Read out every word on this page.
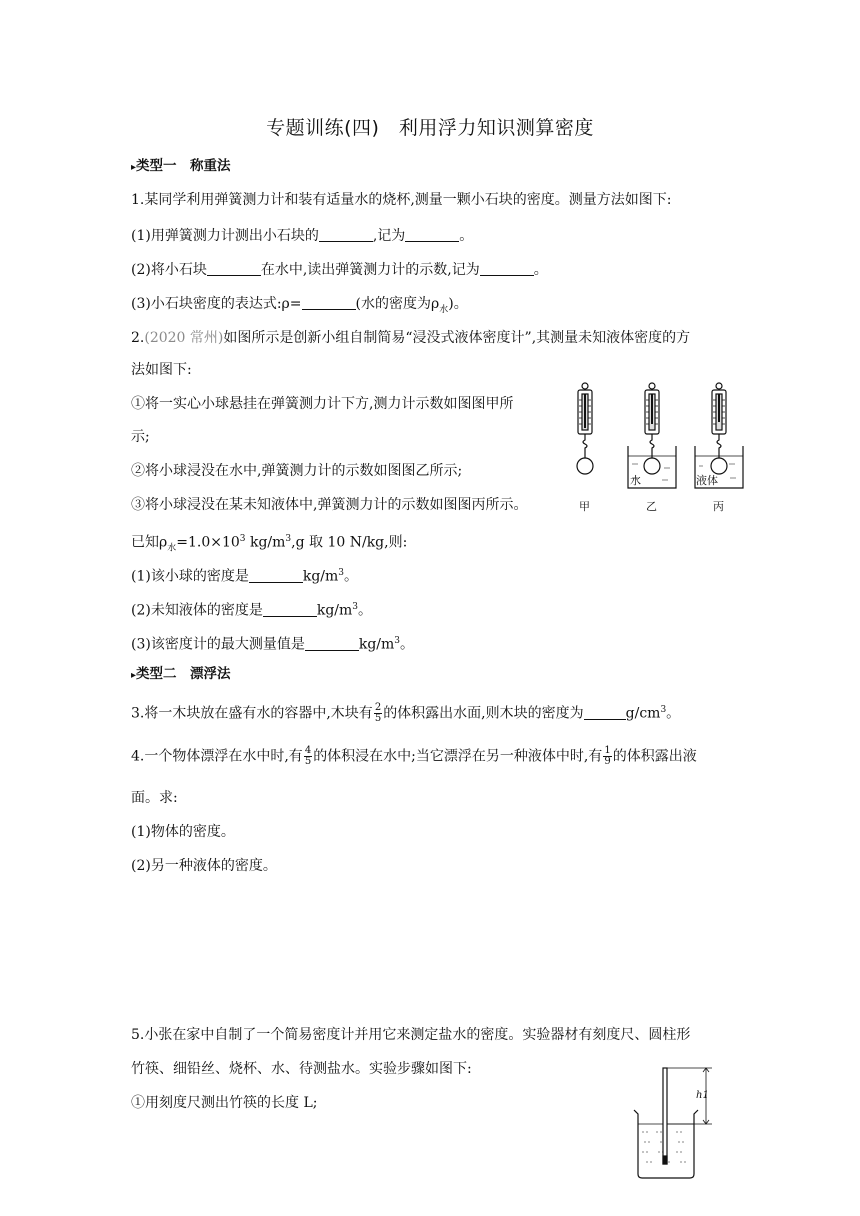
专题训练(四)　利用浮力知识测算密度
▸类型一　称重法
1.某同学利用弹簧测力计和装有适量水的烧杯,测量一颗小石块的密度。测量方法如图下:
(1)用弹簧测力计测出小石块的	,记为	。
(2)将小石块	在水中,读出弹簧测力计的示数,记为	。
(3)小石块密度的表达式:ρ=	(水的密度为$\rho_水$)。
2.(2020 常州)如图所示是创新小组自制简易“浸没式液体密度计”,其测量未知液体密度的方
法如图下:
①将一实心小球悬挂在弹簧测力计下方,测力计示数如图图甲所
示;
②将小球浸没在水中,弹簧测力计的示数如图图乙所示;
③将小球浸没在某未知液体中,弹簧测力计的示数如图图丙所示。
已知$\rho_水=1.0\times 10^3$ $kg/m^3,g$ 取 10 N/kg,则:
(1)该小球的密度是	$kg/m^3$。
(2)未知液体的密度是	$kg/m^3$。
(3)该密度计的最大测量值是	$kg/m^3$。
水	液体
甲	乙	丙
▸类型二　漂浮法
3.将一木块放在盛有水的容器中,木块有 $\frac{2}{5}$ 的体积露出水面,则木块的密度为	$g/cm^3$。
4.一个物体漂浮在水中时,有 $\frac{4}{5}$ 的体积浸在水中;当它漂浮在另一种液体中时,有 $\frac{1}{9}$ 的体积露出液
面。求:
(1)物体的密度。
(2)另一种液体的密度。
5.小张在家中自制了一个简易密度计并用它来测定盐水的密度。实验器材有刻度尺、圆柱形
竹筷、细铅丝、烧杯、水、待测盐水。实验步骤如图下:
①用刻度尺测出竹筷的长度 L;	h1
